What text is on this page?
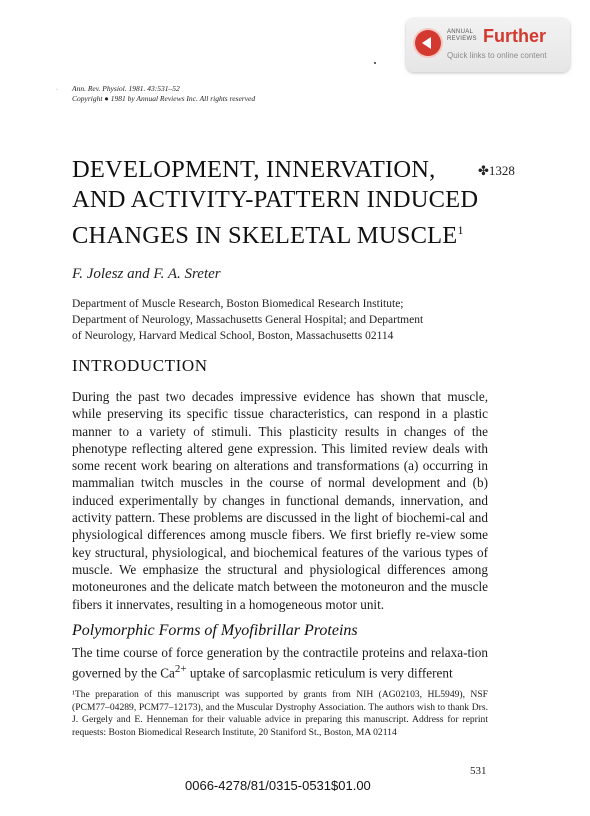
ANNUAL
REVIEWS Further
Quick links to online content
· Ann. Rev. Physiol. 1981. 43:531–52
Copyright ● 1981 by Annual Reviews Inc. All rights reserved
DEVELOPMENT, INNERVATION,
AND ACTIVITY-PATTERN INDUCED
CHANGES IN SKELETAL MUSCLE$^1$
✤1328
F. Jolesz and F. A. Sreter
Department of Muscle Research, Boston Biomedical Research Institute;
Department of Neurology, Massachusetts General Hospital; and Department
of Neurology, Harvard Medical School, Boston, Massachusetts 02114
INTRODUCTION
During the past two decades impressive evidence has shown that muscle, while preserving its specific tissue characteristics, can respond in a plastic manner to a variety of stimuli. This plasticity results in changes of the phenotype reflecting altered gene expression. This limited review deals with some recent work bearing on alterations and transformations (a) occurring in mammalian twitch muscles in the course of normal development and (b) induced experimentally by changes in functional demands, innervation, and activity pattern. These problems are discussed in the light of biochemi-cal and physiological differences among muscle fibers. We first briefly re-view some key structural, physiological, and biochemical features of the various types of muscle. We emphasize the structural and physiological differences among motoneurones and the delicate match between the motoneuron and the muscle fibers it innervates, resulting in a homogeneous motor unit.
Polymorphic Forms of Myofibrillar Proteins
The time course of force generation by the contractile proteins and relaxa-tion governed by the $Ca^{2+}$ uptake of sarcoplasmic reticulum is very different
¹The preparation of this manuscript was supported by grants from NIH (AG02103, HL5949), NSF (PCM77–04289, PCM77–12173), and the Muscular Dystrophy Association. The authors wish to thank Drs. J. Gergely and E. Henneman for their valuable advice in preparing this manuscript. Address for reprint requests: Boston Biomedical Research Institute, 20 Staniford St., Boston, MA 02114
531
0066-4278/81/0315-0531$01.00
